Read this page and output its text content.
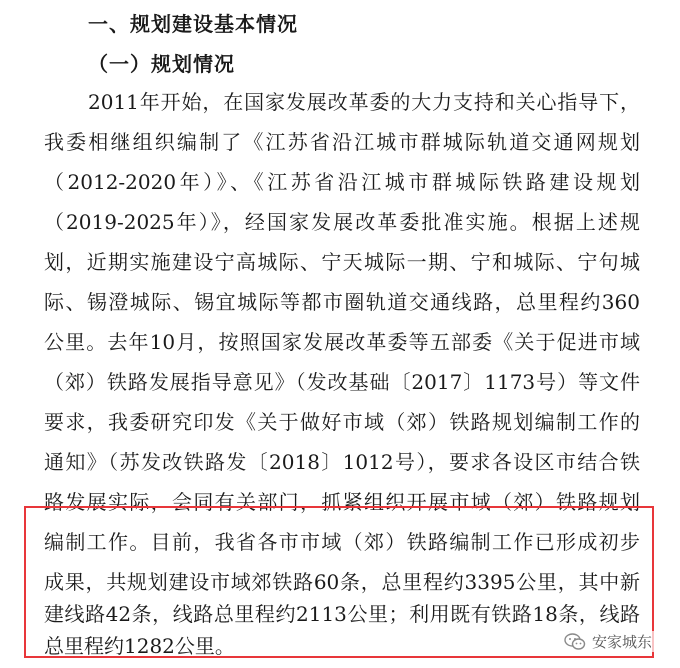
一、规划建设基本情况
（一）规划情况
2011年开始，在国家发展改革委的大力支持和关心指导下，
我委相继组织编制了《江苏省沿江城市群城际轨道交通网规划
（2012-2020年）》、《江苏省沿江城市群城际铁路建设规划
（2019-2025年）》，经国家发展改革委批准实施。根据上述规
划，近期实施建设宁高城际、宁天城际一期、宁和城际、宁句城
际、锡澄城际、锡宜城际等都市圈轨道交通线路，总里程约360
公里。去年10月，按照国家发展改革委等五部委《关于促进市域
（郊）铁路发展指导意见》（发改基础〔2017〕1173号）等文件
要求，我委研究印发《关于做好市域（郊）铁路规划编制工作的
通知》（苏发改铁路发〔2018〕1012号），要求各设区市结合铁
路发展实际，会同有关部门，抓紧组织开展市域（郊）铁路规划
编制工作。目前，我省各市市域（郊）铁路编制工作已形成初步
成果，共规划建设市域郊铁路60条，总里程约3395公里，其中新
建线路42条，线路总里程约2113公里；利用既有铁路18条，线路
总里程约1282公里。	安家城东
